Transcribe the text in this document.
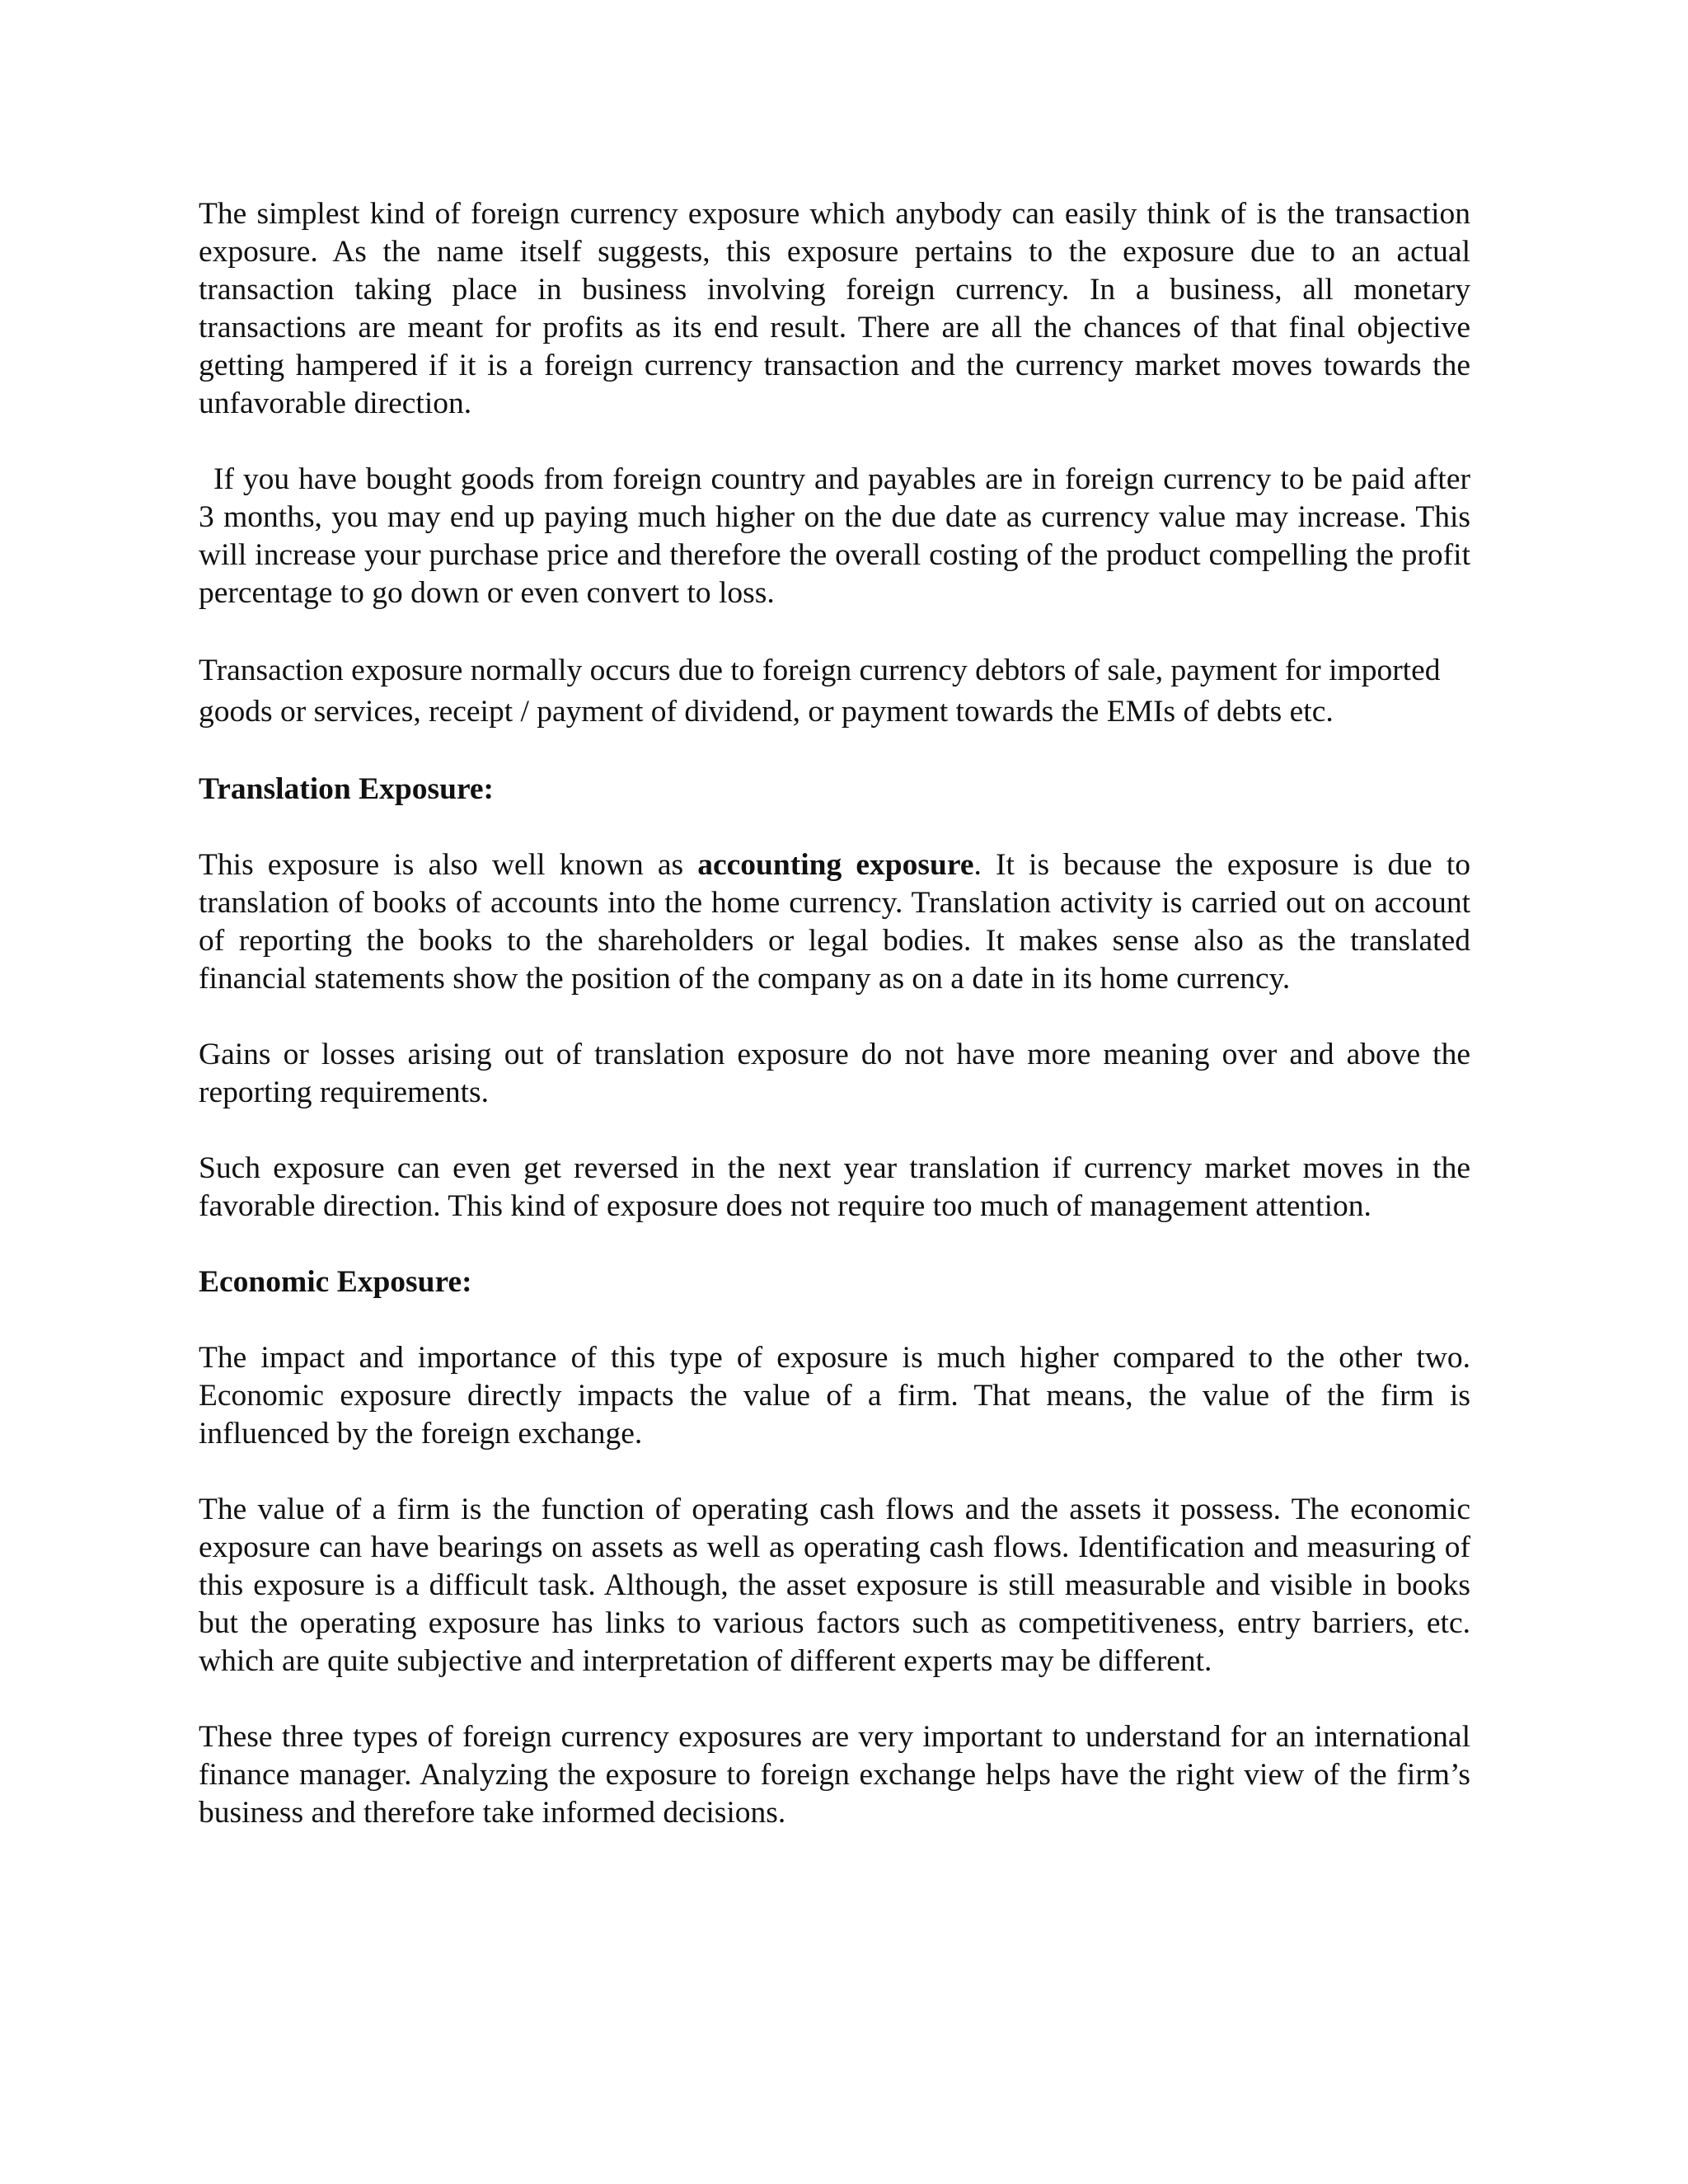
The simplest kind of foreign currency exposure which anybody can easily think of is the transaction exposure. As the name itself suggests, this exposure pertains to the exposure due to an actual transaction taking place in business involving foreign currency. In a business, all monetary transactions are meant for profits as its end result. There are all the chances of that final objective getting hampered if it is a foreign currency transaction and the currency market moves towards the unfavorable direction.

If you have bought goods from foreign country and payables are in foreign currency to be paid after 3 months, you may end up paying much higher on the due date as currency value may increase. This will increase your purchase price and therefore the overall costing of the product compelling the profit percentage to go down or even convert to loss.

Transaction exposure normally occurs due to foreign currency debtors of sale, payment for imported goods or services, receipt / payment of dividend, or payment towards the EMIs of debts etc.

Translation Exposure:

This exposure is also well known as accounting exposure. It is because the exposure is due to translation of books of accounts into the home currency. Translation activity is carried out on account of reporting the books to the shareholders or legal bodies. It makes sense also as the translated financial statements show the position of the company as on a date in its home currency.

Gains or losses arising out of translation exposure do not have more meaning over and above the reporting requirements.

Such exposure can even get reversed in the next year translation if currency market moves in the favorable direction. This kind of exposure does not require too much of management attention.

Economic Exposure:

The impact and importance of this type of exposure is much higher compared to the other two. Economic exposure directly impacts the value of a firm. That means, the value of the firm is influenced by the foreign exchange.

The value of a firm is the function of operating cash flows and the assets it possess. The economic exposure can have bearings on assets as well as operating cash flows. Identification and measuring of this exposure is a difficult task. Although, the asset exposure is still measurable and visible in books but the operating exposure has links to various factors such as competitiveness, entry barriers, etc. which are quite subjective and interpretation of different experts may be different.

These three types of foreign currency exposures are very important to understand for an international finance manager. Analyzing the exposure to foreign exchange helps have the right view of the firm’s business and therefore take informed decisions.
